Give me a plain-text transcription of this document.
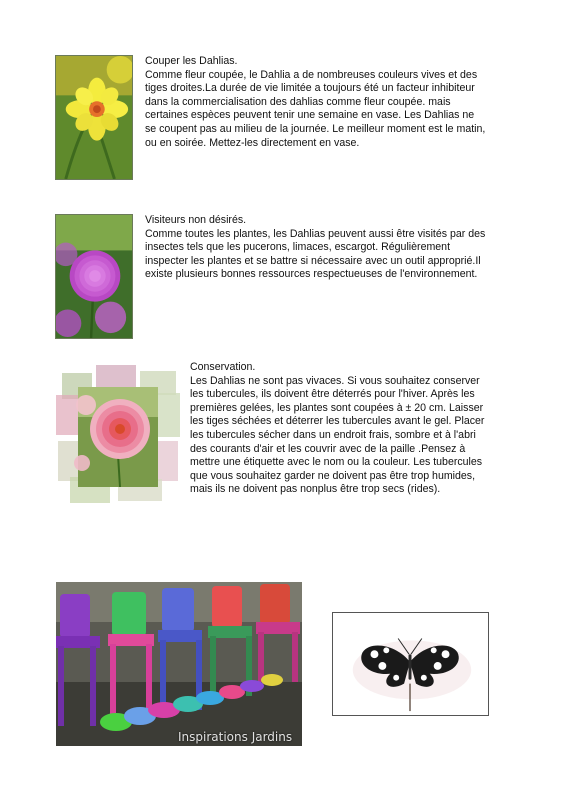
Couper les Dahlias.

Comme fleur coupée, le Dahlia a de nombreuses couleurs vives et des

tiges droites.La durée de vie limitée a toujours été un facteur inhibiteur

dans la commercialisation des dahlias comme fleur coupée. mais

certaines espèces peuvent tenir une semaine en vase. Les Dahlias ne

se coupent pas au milieu de la journée. Le meilleur moment est le matin,

ou en soirée. Mettez-les directement en vase.

Visiteurs non désirés.

Comme toutes les plantes, les Dahlias peuvent aussi être visités par des

insectes tels que les pucerons, limaces, escargot. Régulièrement

inspecter les plantes et se battre si nécessaire avec un outil approprié.Il

existe plusieurs bonnes ressources respectueuses de l'environnement.

Conservation.

Les Dahlias ne sont pas vivaces. Si vous souhaitez conserver

les tubercules, ils doivent être déterrés pour l'hiver. Après les

premières gelées, les plantes sont coupées à ± 20 cm. Laisser

les tiges séchées et déterrer les tubercules avant le gel. Placer

les tubercules sécher dans un endroit frais, sombre et à l'abri

des courants d'air et les couvrir avec de la paille .Pensez à

mettre une étiquette avec le nom ou la couleur. Les tubercules

que vous souhaitez garder ne doivent pas être trop humides,

mais ils ne doivent pas nonplus être trop secs (rides).

Inspirations Jardins
